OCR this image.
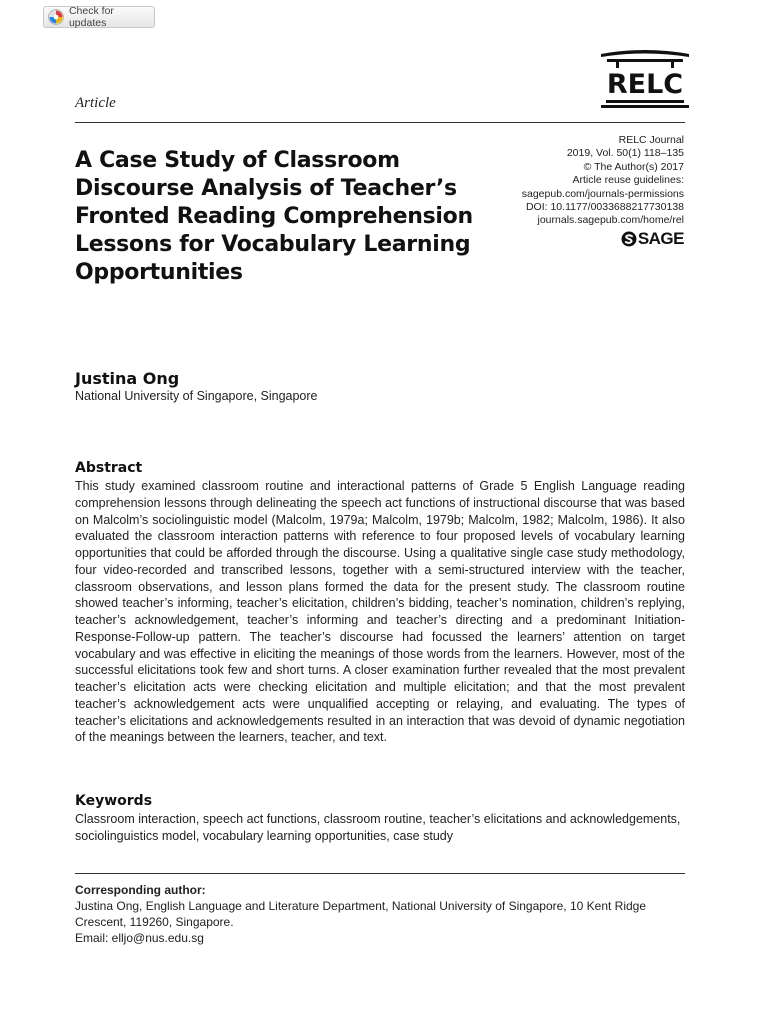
Check for updates
RELC
Article
RELC Journal
2019, Vol. 50(1) 118–135
© The Author(s) 2017
Article reuse guidelines:
sagepub.com/journals-permissions
DOI: 10.1177/0033688217730138
journals.sagepub.com/home/rel
SAGE
A Case Study of Classroom Discourse Analysis of Teacher’s Fronted Reading Comprehension Lessons for Vocabulary Learning Opportunities
Justina Ong
National University of Singapore, Singapore
Abstract

This study examined classroom routine and interactional patterns of Grade 5 English Language reading comprehension lessons through delineating the speech act functions of instructional discourse that was based on Malcolm’s sociolinguistic model (Malcolm, 1979a; Malcolm, 1979b; Malcolm, 1982; Malcolm, 1986). It also evaluated the classroom interaction patterns with reference to four proposed levels of vocabulary learning opportunities that could be afforded through the discourse. Using a qualitative single case study methodology, four video-recorded and transcribed lessons, together with a semi-structured interview with the teacher, classroom observations, and lesson plans formed the data for the present study. The classroom routine showed teacher’s informing, teacher’s elicitation, children’s bidding, teacher’s nomination, children’s replying, teacher’s acknowledgement, teacher’s informing and teacher’s directing and a predominant Initiation-Response-Follow-up pattern. The teacher’s discourse had focussed the learners’ attention on target vocabulary and was effective in eliciting the meanings of those words from the learners. However, most of the successful elicitations took few and short turns. A closer examination further revealed that the most prevalent teacher’s elicitation acts were checking elicitation and multiple elicitation; and that the most prevalent teacher’s acknowledgement acts were unqualified accepting or relaying, and evaluating. The types of teacher’s elicitations and acknowledgements resulted in an interaction that was devoid of dynamic negotiation of the meanings between the learners, teacher, and text.

Keywords

Classroom interaction, speech act functions, classroom routine, teacher’s elicitations and acknowledgements, sociolinguistics model, vocabulary learning opportunities, case study

Corresponding author:
Justina Ong, English Language and Literature Department, National University of Singapore, 10 Kent Ridge Crescent, 119260, Singapore.
Email: elljo@nus.edu.sg
